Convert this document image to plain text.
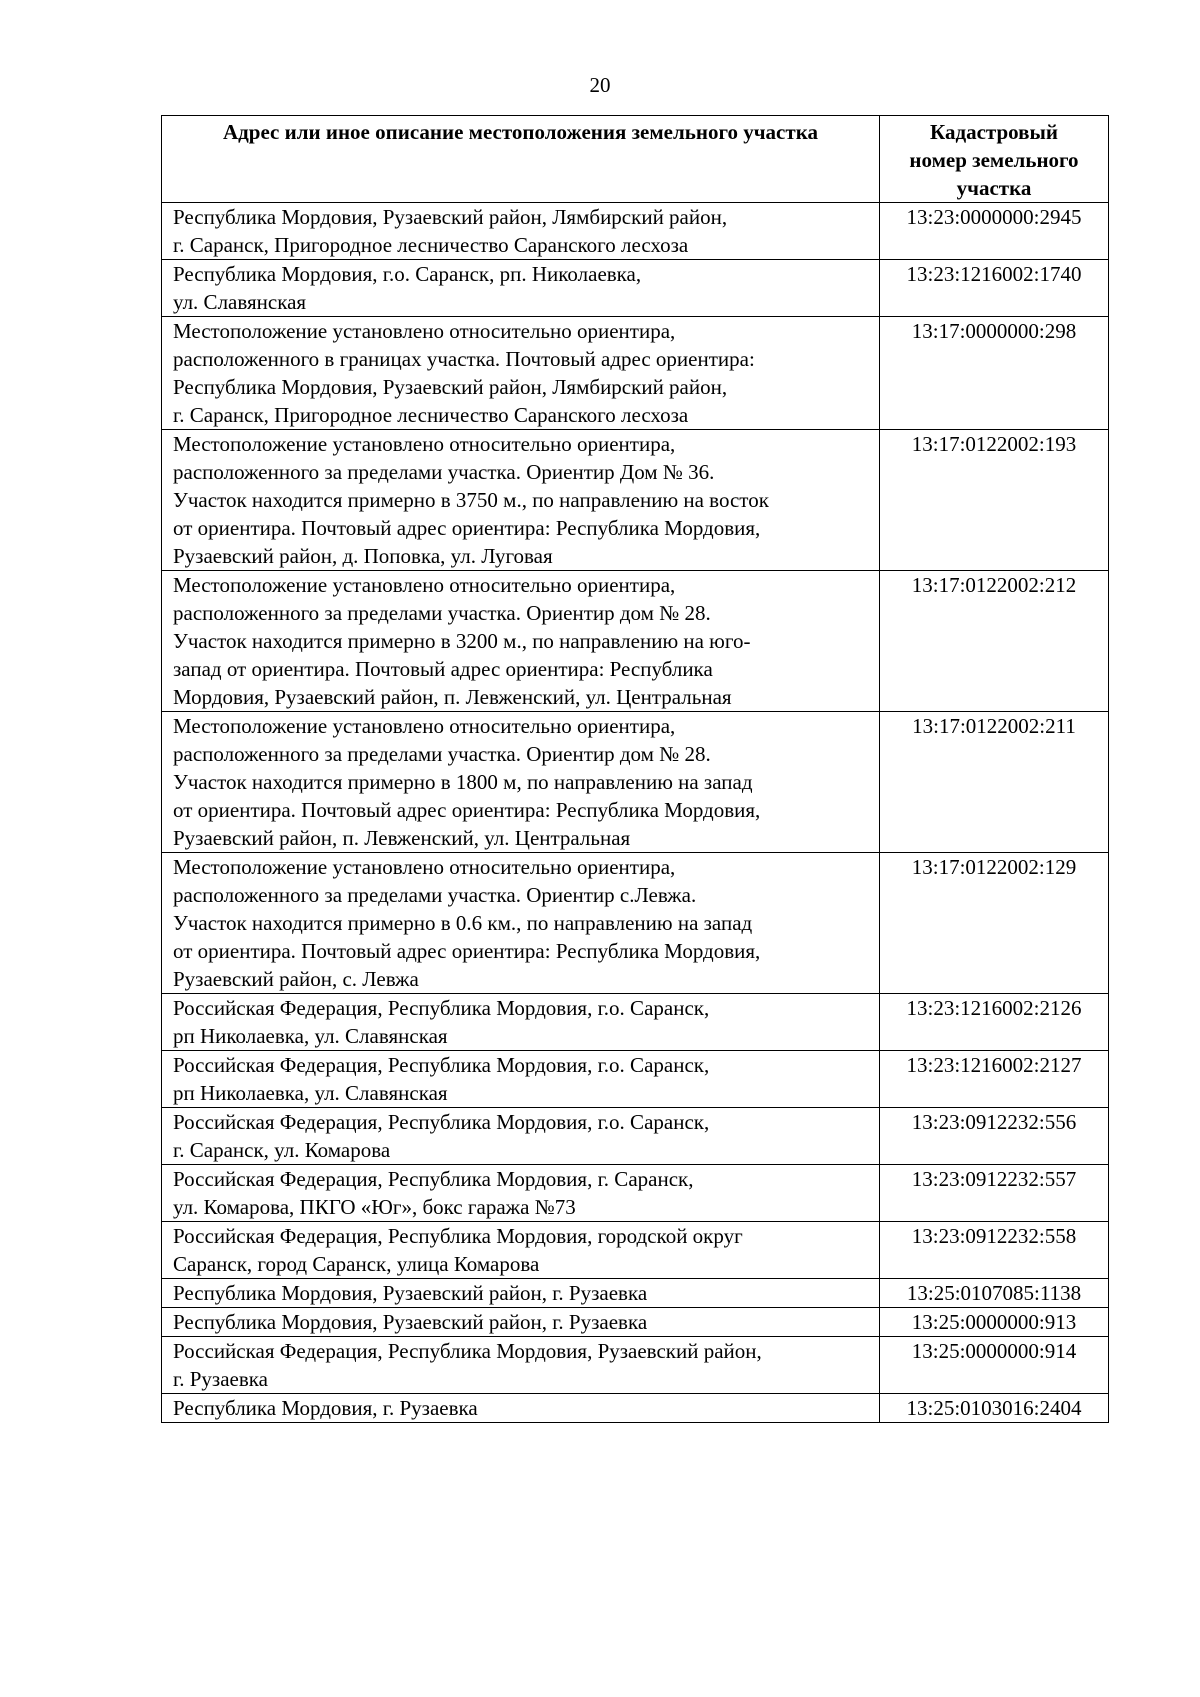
20
Адрес или иное описание местоположения земельного участка	Кадастровый
номер земельного
участка
Республика Мордовия, Рузаевский район, Лямбирский район,
г. Саранск, Пригородное лесничество Саранского лесхоза	13:23:0000000:2945
Республика Мордовия, г.о. Саранск, рп. Николаевка,
ул. Славянская	13:23:1216002:1740
Местоположение установлено относительно ориентира,
расположенного в границах участка. Почтовый адрес ориентира:
Республика Мордовия, Рузаевский район, Лямбирский район,
г. Саранск, Пригородное лесничество Саранского лесхоза	13:17:0000000:298
Местоположение установлено относительно ориентира,
расположенного за пределами участка. Ориентир Дом № 36.
Участок находится примерно в 3750 м., по направлению на восток
от ориентира. Почтовый адрес ориентира: Республика Мордовия,
Рузаевский район, д. Поповка, ул. Луговая	13:17:0122002:193
Местоположение установлено относительно ориентира,
расположенного за пределами участка. Ориентир дом № 28.
Участок находится примерно в 3200 м., по направлению на юго-
запад от ориентира. Почтовый адрес ориентира: Республика
Мордовия, Рузаевский район, п. Левженский, ул. Центральная	13:17:0122002:212
Местоположение установлено относительно ориентира,
расположенного за пределами участка. Ориентир дом № 28.
Участок находится примерно в 1800 м, по направлению на запад
от ориентира. Почтовый адрес ориентира: Республика Мордовия,
Рузаевский район, п. Левженский, ул. Центральная	13:17:0122002:211
Местоположение установлено относительно ориентира,
расположенного за пределами участка. Ориентир с.Левжа.
Участок находится примерно в 0.6 км., по направлению на запад
от ориентира. Почтовый адрес ориентира: Республика Мордовия,
Рузаевский район, с. Левжа	13:17:0122002:129
Российская Федерация, Республика Мордовия, г.о. Саранск,
рп Николаевка, ул. Славянская	13:23:1216002:2126
Российская Федерация, Республика Мордовия, г.о. Саранск,
рп Николаевка, ул. Славянская	13:23:1216002:2127
Российская Федерация, Республика Мордовия, г.о. Саранск,
г. Саранск, ул. Комарова	13:23:0912232:556
Российская Федерация, Республика Мордовия, г. Саранск,
ул. Комарова, ПКГО «Юг», бокс гаража №73	13:23:0912232:557
Российская Федерация, Республика Мордовия, городской округ
Саранск, город Саранск, улица Комарова	13:23:0912232:558
Республика Мордовия, Рузаевский район, г. Рузаевка	13:25:0107085:1138
Республика Мордовия, Рузаевский район, г. Рузаевка	13:25:0000000:913
Российская Федерация, Республика Мордовия, Рузаевский район,
г. Рузаевка	13:25:0000000:914
Республика Мордовия, г. Рузаевка	13:25:0103016:2404
